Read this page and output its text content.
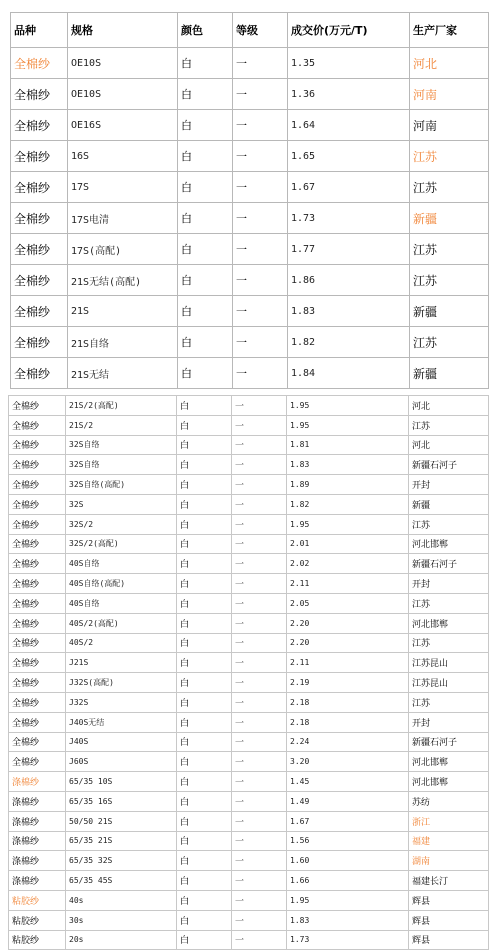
品种	规格	颜色	等级	成交价(万元/T)	生产厂家
全棉纱	OE10S	白	一	1.35	河北
全棉纱	OE10S	白	一	1.36	河南
全棉纱	OE16S	白	一	1.64	河南
全棉纱	16S	白	一	1.65	江苏
全棉纱	17S	白	一	1.67	江苏
全棉纱	17S电清	白	一	1.73	新疆
全棉纱	17S(高配)	白	一	1.77	江苏
全棉纱	21S无结(高配)	白	一	1.86	江苏
全棉纱	21S	白	一	1.83	新疆
全棉纱	21S自络	白	一	1.82	江苏
全棉纱	21S无结	白	一	1.84	新疆
全棉纱	21S/2(高配)	白	一	1.95	河北
全棉纱	21S/2	白	一	1.95	江苏
全棉纱	32S自络	白	一	1.81	河北
全棉纱	32S自络	白	一	1.83	新疆石河子
全棉纱	32S自络(高配)	白	一	1.89	开封
全棉纱	32S	白	一	1.82	新疆
全棉纱	32S/2	白	一	1.95	江苏
全棉纱	32S/2(高配)	白	一	2.01	河北邯郸
全棉纱	40S自络	白	一	2.02	新疆石河子
全棉纱	40S自络(高配)	白	一	2.11	开封
全棉纱	40S自络	白	一	2.05	江苏
全棉纱	40S/2(高配)	白	一	2.20	河北邯郸
全棉纱	40S/2	白	一	2.20	江苏
全棉纱	J21S	白	一	2.11	江苏昆山
全棉纱	J32S(高配)	白	一	2.19	江苏昆山
全棉纱	J32S	白	一	2.18	江苏
全棉纱	J40S无结	白	一	2.18	开封
全棉纱	J40S	白	一	2.24	新疆石河子
全棉纱	J60S	白	一	3.20	河北邯郸
涤棉纱	65/35 10S	白	一	1.45	河北邯郸
涤棉纱	65/35 16S	白	一	1.49	苏纺
涤棉纱	50/50 21S	白	一	1.67	浙江
涤棉纱	65/35 21S	白	一	1.56	福建
涤棉纱	65/35 32S	白	一	1.60	湖南
涤棉纱	65/35 45S	白	一	1.66	福建长汀
粘胶纱	40s	白	一	1.95	辉县
粘胶纱	30s	白	一	1.83	辉县
粘胶纱	20s	白	一	1.73	辉县
